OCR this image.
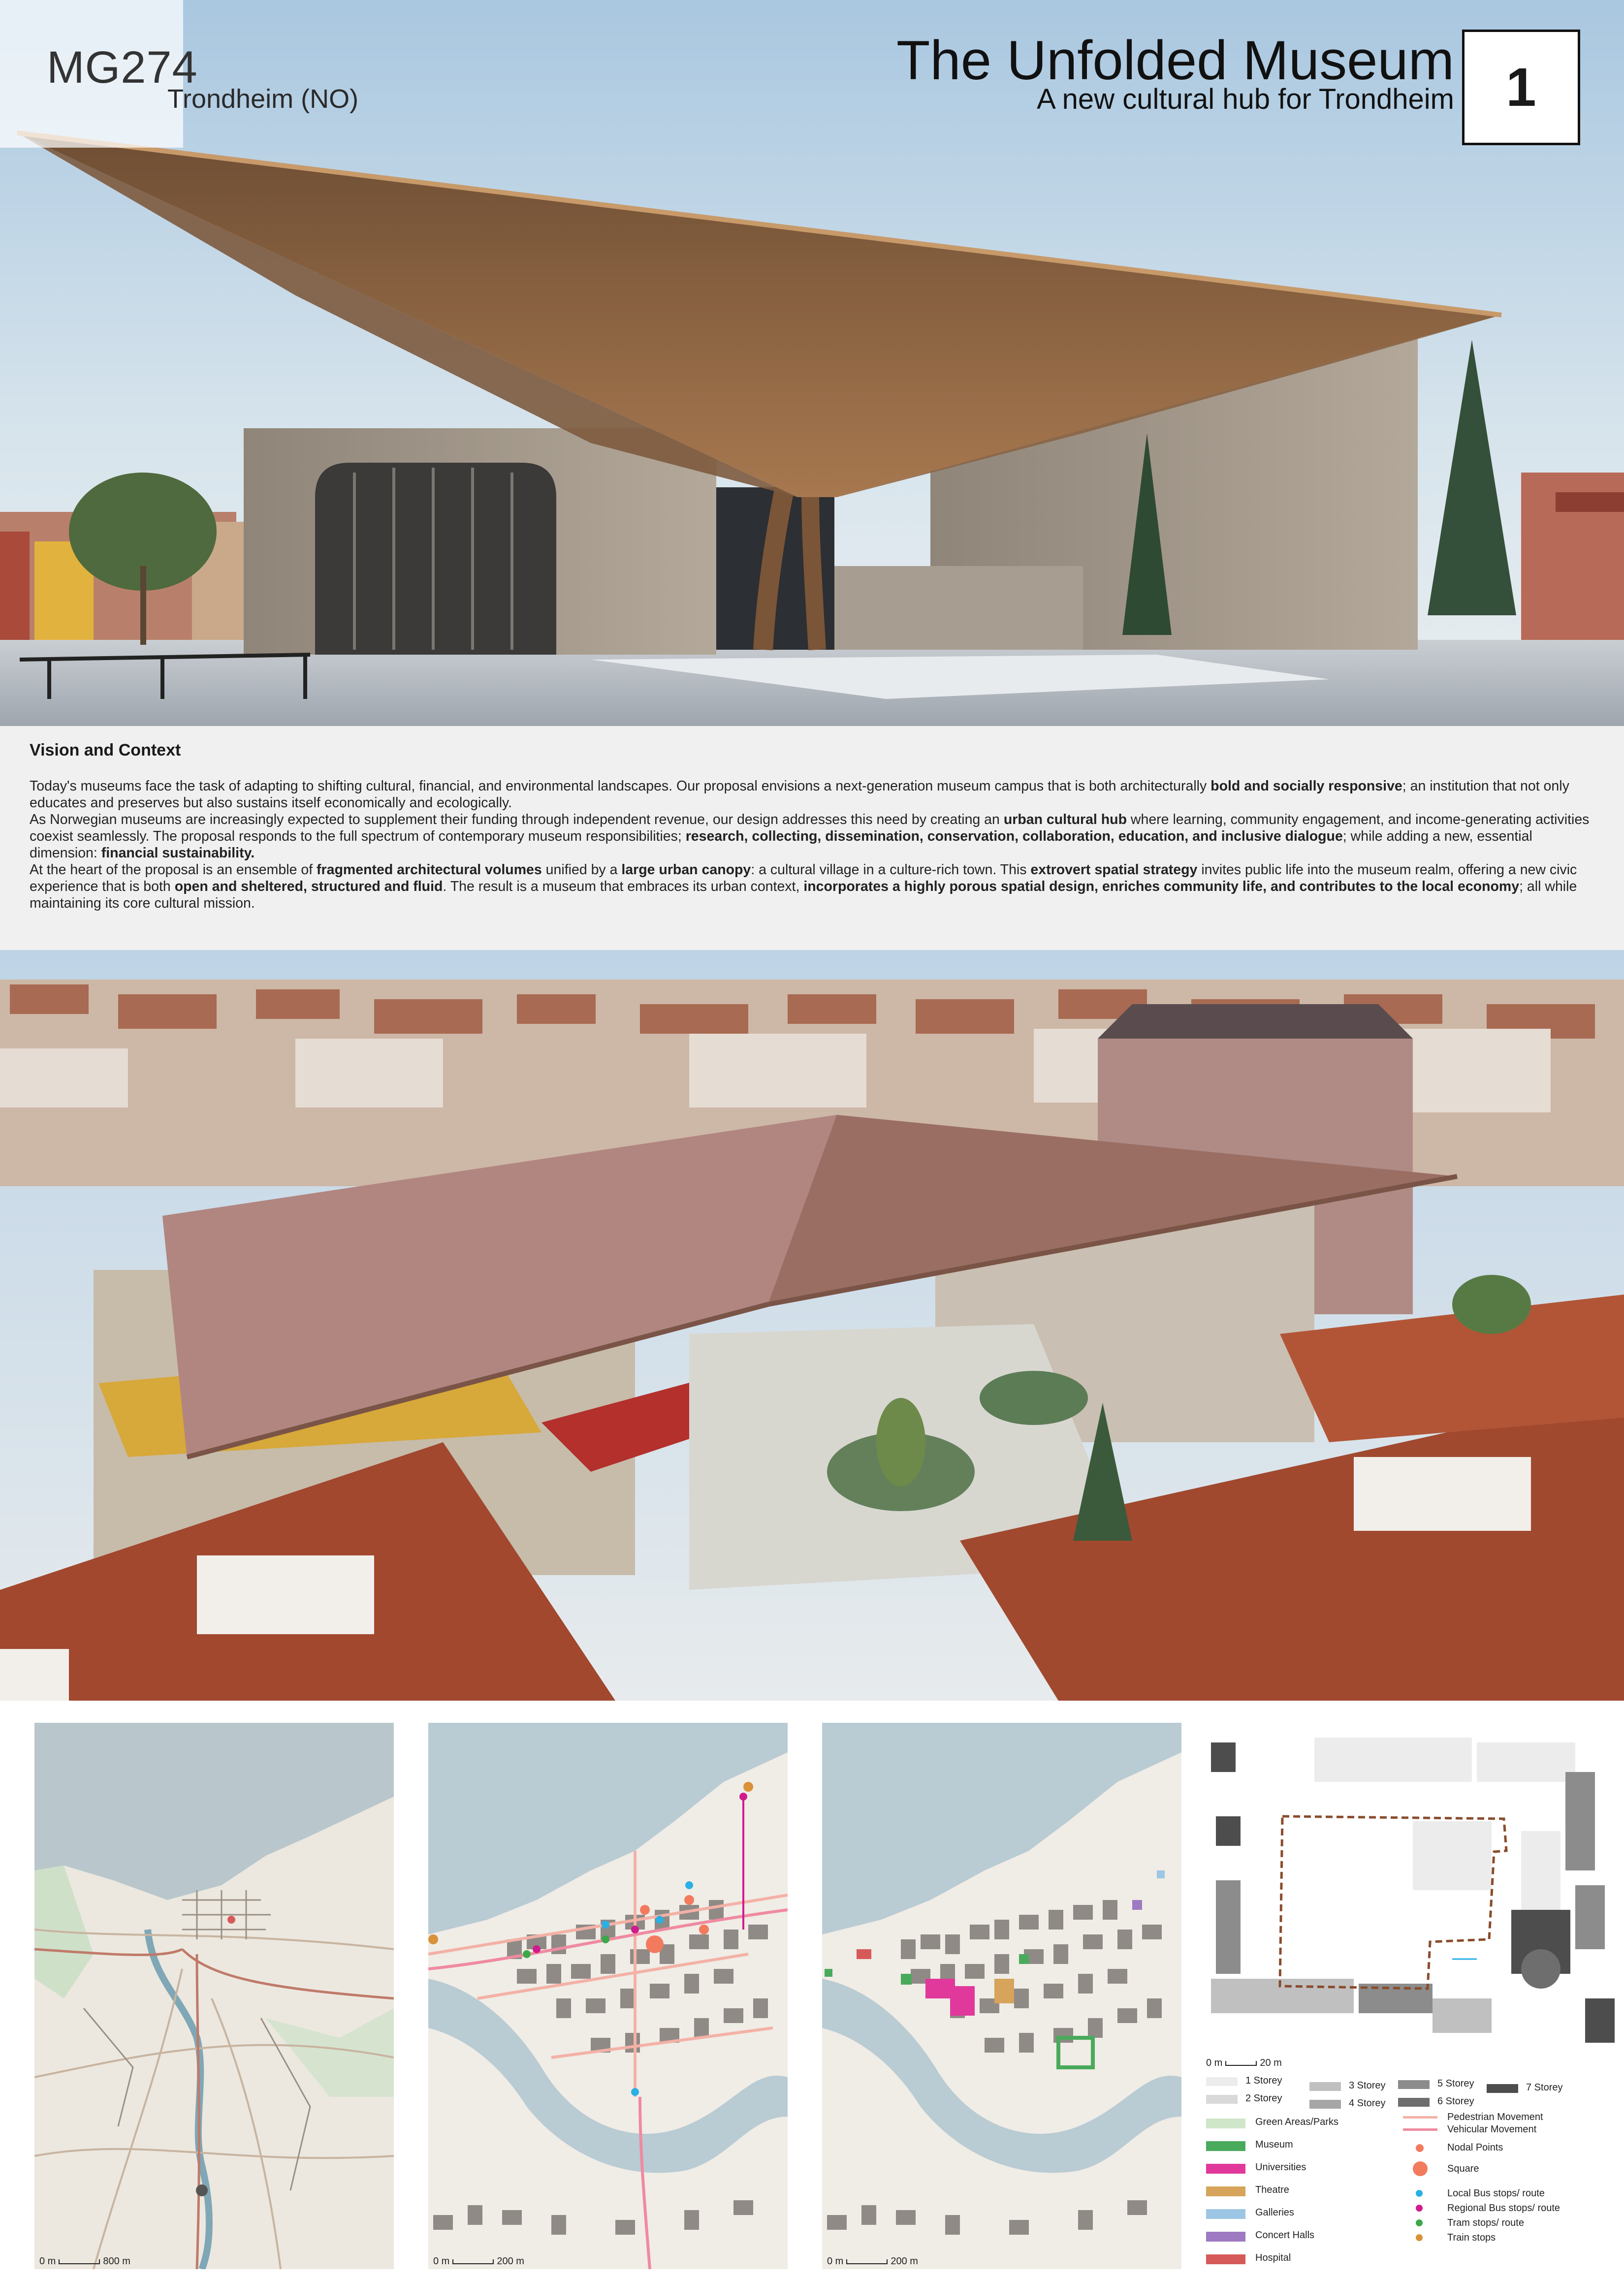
MG274
Trondheim (NO)
The Unfolded Museum
A new cultural hub for Trondheim 1
Vision and Context

Today's museums face the task of adapting to shifting cultural, financial, and environmental landscapes. Our proposal envisions a next-generation museum campus that is both architecturally bold and socially responsive; an institution that not only educates and preserves but also sustains itself economically and ecologically.

As Norwegian museums are increasingly expected to supplement their funding through independent revenue, our design addresses this need by creating an urban cultural hub where learning, community engagement, and income-generating activities coexist seamlessly. The proposal responds to the full spectrum of contemporary museum responsibilities; research, collecting, dissemination, conservation, collaboration, education, and inclusive dialogue; while adding a new, essential dimension: financial sustainability.

At the heart of the proposal is an ensemble of fragmented architectural volumes unified by a large urban canopy: a cultural village in a culture-rich town. This extrovert spatial strategy invites public life into the museum realm, offering a new civic experience that is both open and sheltered, structured and fluid. The result is a museum that embraces its urban context, incorporates a highly porous spatial design, enriches community life, and contributes to the local economy; all while maintaining its core cultural mission.

0 m	800 m	0 m	200 m	0 m	200 m
0 m	20 m
1 Storey
2 Storey
3 Storey
4 Storey
5 Storey
6 Storey
7 Storey
Green Areas/Parks
Museum
Universities
Theatre
Galleries
Concert Halls
Hospital
Pedestrian Movement
Vehicular Movement
Nodal Points
Square
Local Bus stops/ route
Regional Bus stops/ route
Tram stops/ route
Train stops
